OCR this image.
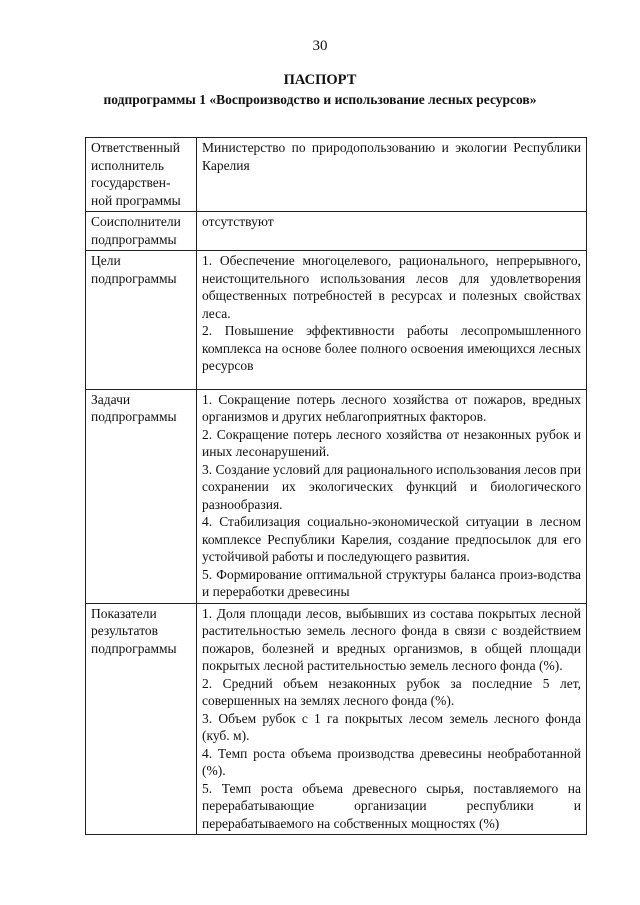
30
ПАСПОРТ
подпрограммы 1 «Воспроизводство и использование лесных ресурсов»
Ответственный исполнитель государствен-ной программы	Министерство по природопользованию и экологии Республики Карелия

Соисполнители подпрограммы	отсутствуют

Цели подпрограммы	1. Обеспечение многоцелевого, рационального, непрерывного, неистощительного использования лесов для удовлетворения общественных потребностей в ресурсах и полезных свойствах леса.
2. Повышение эффективности работы лесопромышленного комплекса на основе более полного освоения имеющихся лесных ресурсов

Задачи подпрограммы	1. Сокращение потерь лесного хозяйства от пожаров, вредных организмов и других неблагоприятных факторов.
2. Сокращение потерь лесного хозяйства от незаконных рубок и иных лесонарушений.
3. Создание условий для рационального использования лесов при сохранении их экологических функций и биологического разнообразия.
4. Стабилизация социально-экономической ситуации в лесном комплексе Республики Карелия, создание предпосылок для его устойчивой работы и последующего развития.
5. Формирование оптимальной структуры баланса произ-водства и переработки древесины

Показатели результатов подпрограммы	1. Доля площади лесов, выбывших из состава покрытых лесной растительностью земель лесного фонда в связи с воздействием пожаров, болезней и вредных организмов, в общей площади покрытых лесной растительностью земель лесного фонда (%).
2. Средний объем незаконных рубок за последние 5 лет, совершенных на землях лесного фонда (%).
3. Объем рубок с 1 га покрытых лесом земель лесного фонда (куб. м).
4. Темп роста объема производства древесины необработанной (%).
5. Темп роста объема древесного сырья, поставляемого на перерабатывающие организации республики и перерабатываемого на собственных мощностях (%)
